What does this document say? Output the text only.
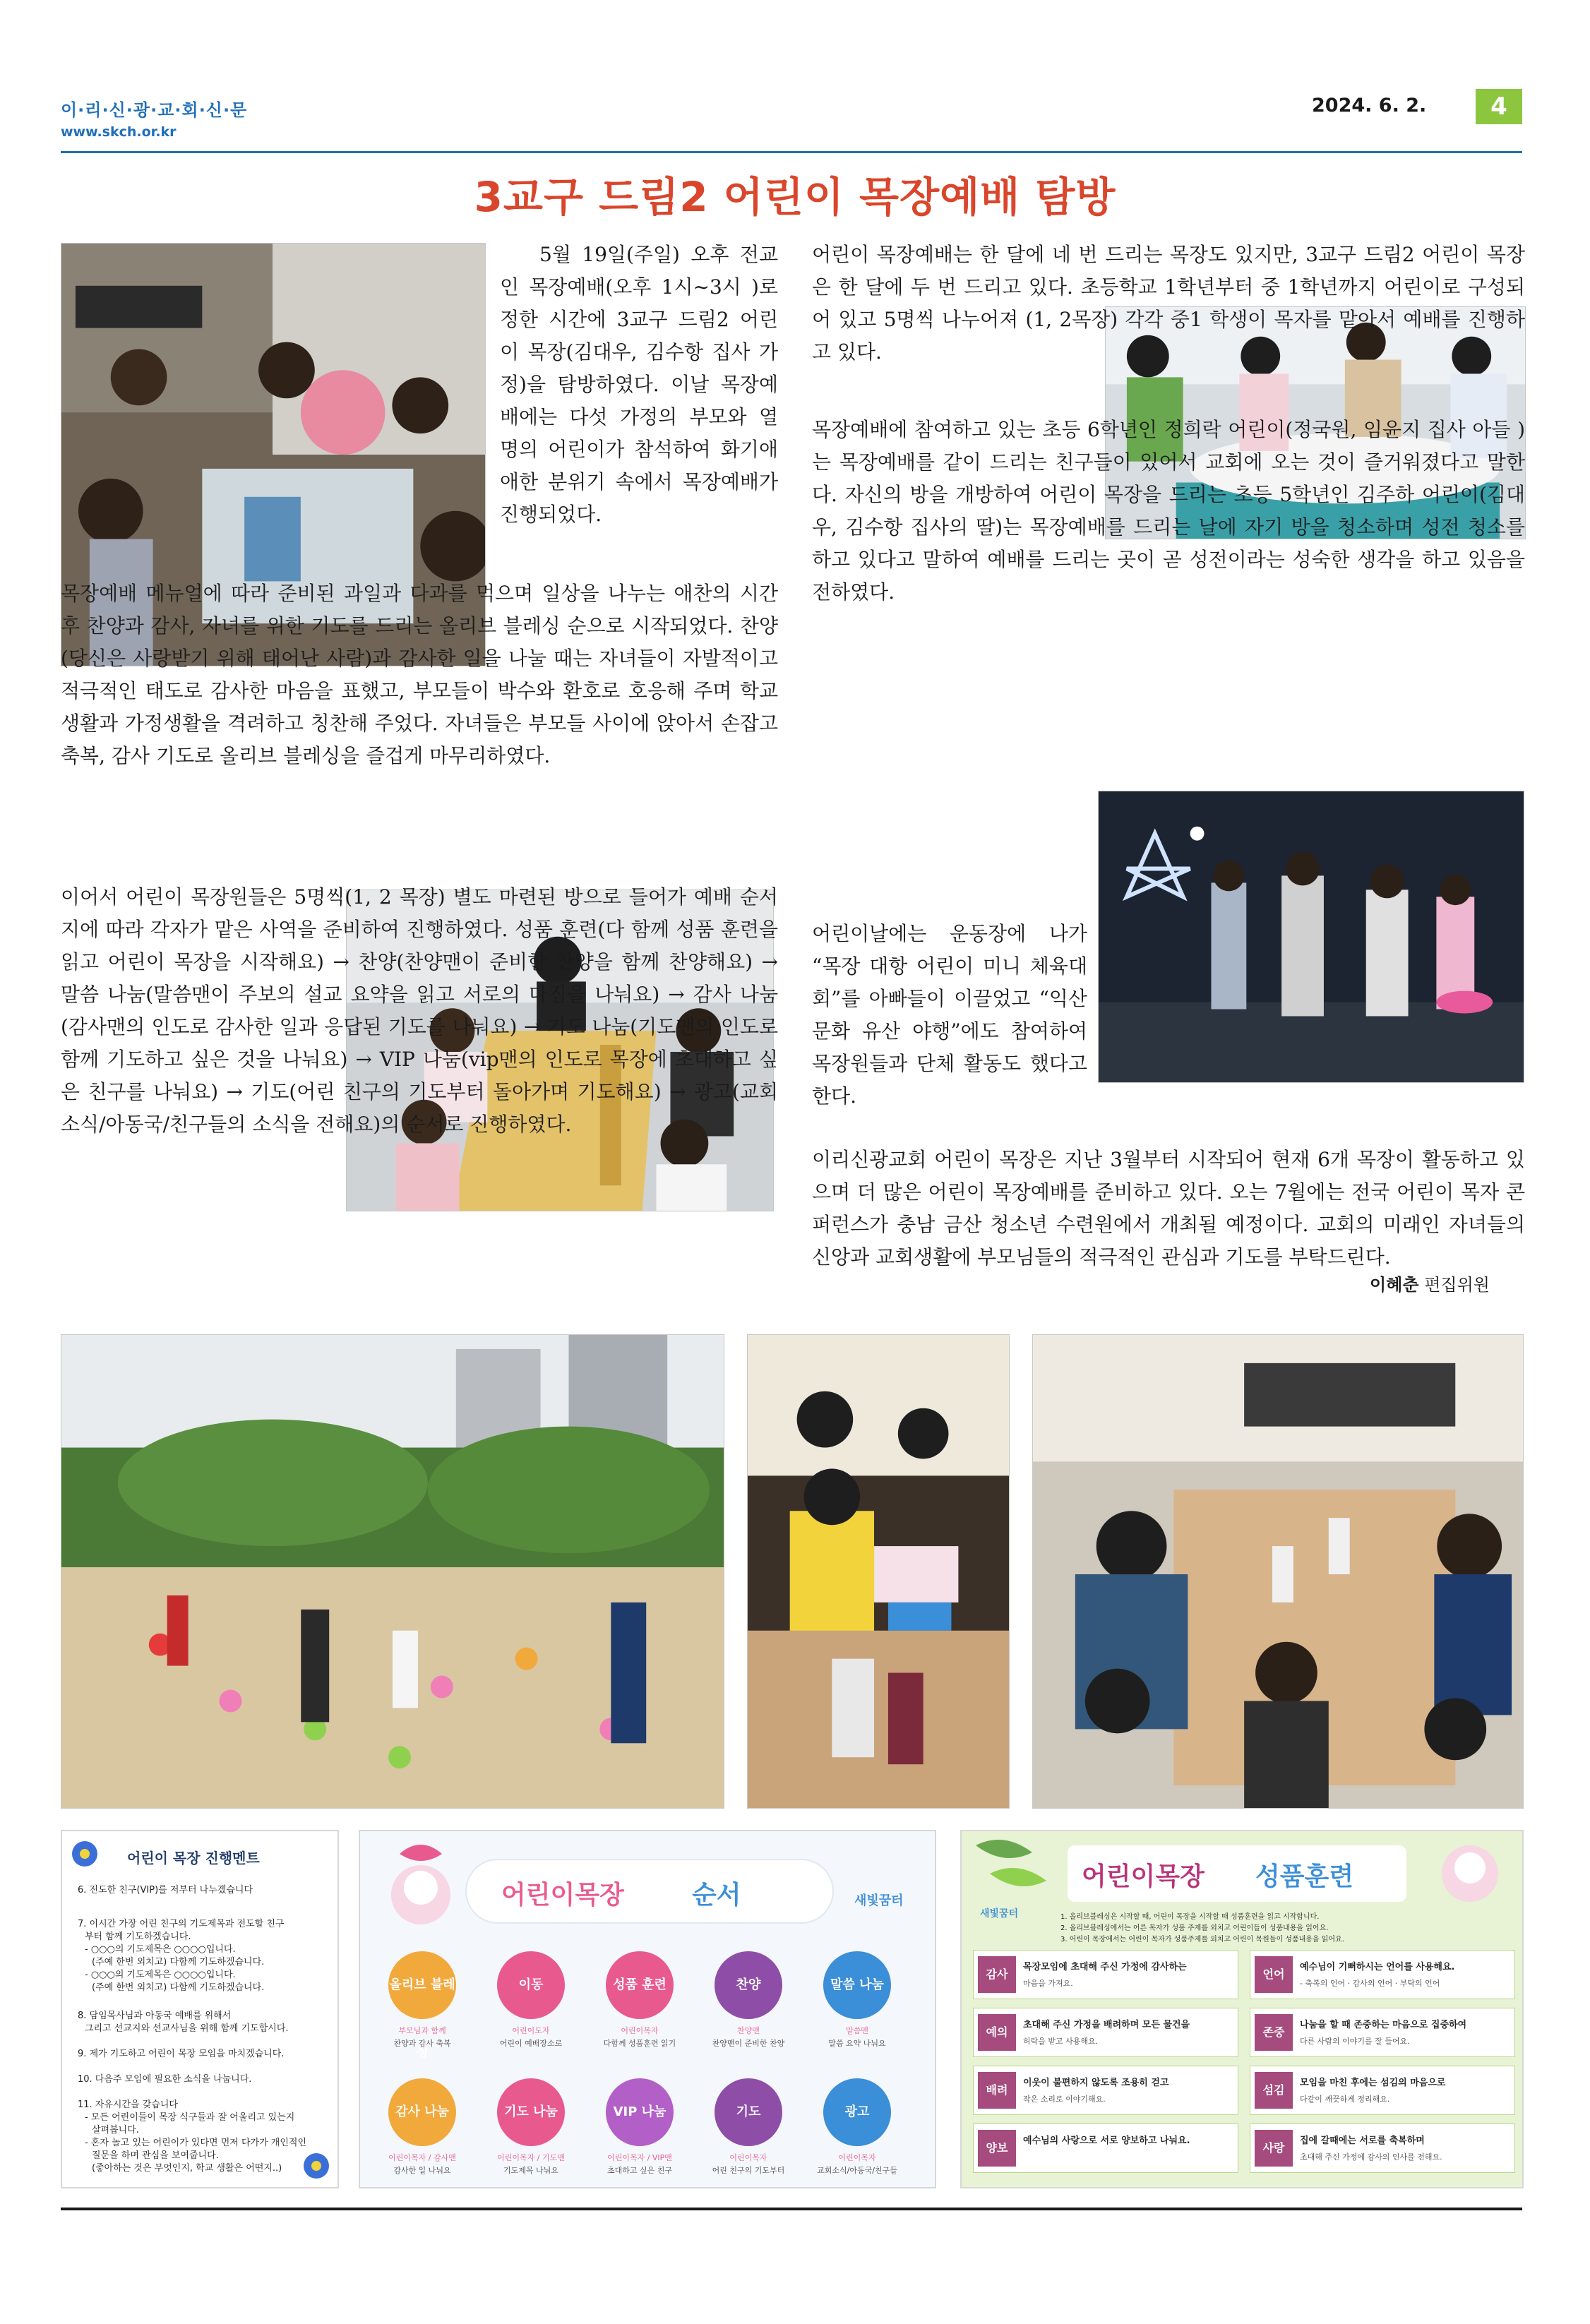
이·리·신·광·교·회·신·문
www.skch.or.kr
2024. 6. 2.	4
3교구 드림2 어린이 목장예배 탐방
5월 19일(주일) 오후 전교인 목장예배(오후 1시~3시 )로 정한 시간에 3교구 드림2 어린이 목장(김대우, 김수항 집사 가정)을 탐방하였다. 이날 목장예배에는 다섯 가정의 부모와 열 명의 어린이가 참석하여 화기애애한 분위기 속에서 목장예배가 진행되었다.
목장예배 메뉴얼에 따라 준비된 과일과 다과를 먹으며 일상을 나누는 애찬의 시간 후 찬양과 감사, 자녀를 위한 기도를 드리는 올리브 블레싱 순으로 시작되었다. 찬양(당신은 사랑받기 위해 태어난 사람)과 감사한 일을 나눌 때는 자녀들이 자발적이고 적극적인 태도로 감사한 마음을 표했고, 부모들이 박수와 환호로 호응해 주며 학교생활과 가정생활을 격려하고 칭찬해 주었다. 자녀들은 부모들 사이에 앉아서 손잡고 축복, 감사 기도로 올리브 블레싱을 즐겁게 마무리하였다.
이어서 어린이 목장원들은 5명씩(1, 2 목장) 별도 마련된 방으로 들어가 예배 순서지에 따라 각자가 맡은 사역을 준비하여 진행하였다. 성품 훈련(다 함께 성품 훈련을 읽고 어린이 목장을 시작해요) → 찬양(찬양맨이 준비한 찬양을 함께 찬양해요) → 말씀 나눔(말씀맨이 주보의 설교 요약을 읽고 서로의 다짐을 나눠요) → 감사 나눔(감사맨의 인도로 감사한 일과 응답된 기도를 나눠요) → 기도 나눔(기도맨의 인도로 함께 기도하고 싶은 것을 나눠요) → VIP 나눔(vip맨의 인도로 목장에 초대하고 싶은 친구를 나눠요) → 기도(어린 친구의 기도부터 돌아가며 기도해요) → 광고(교회소식/아동국/친구들의 소식을 전해요)의 순서로 진행하였다.
어린이 목장예배는 한 달에 네 번 드리는 목장도 있지만, 3교구 드림2 어린이 목장은 한 달에 두 번 드리고 있다. 초등학교 1학년부터 중 1학년까지 어린이로 구성되어 있고 5명씩 나누어져 (1, 2목장) 각각 중1 학생이 목자를 맡아서 예배를 진행하고 있다.
목장예배에 참여하고 있는 초등 6학년인 정희락 어린이(정국원, 임윤지 집사 아들 )는 목장예배를 같이 드리는 친구들이 있어서 교회에 오는 것이 즐거워졌다고 말한다. 자신의 방을 개방하여 어린이 목장을 드리는 초등 5학년인 김주하 어린이(김대우, 김수항 집사의 딸)는 목장예배를 드리는 날에 자기 방을 청소하며 성전 청소를 하고 있다고 말하여 예배를 드리는 곳이 곧 성전이라는 성숙한 생각을 하고 있음을 전하였다.
어린이날에는 운동장에 나가 “목장 대항 어린이 미니 체육대회”를 아빠들이 이끌었고 “익산문화 유산 야행”에도 참여하여 목장원들과 단체 활동도 했다고 한다.
이리신광교회 어린이 목장은 지난 3월부터 시작되어 현재 6개 목장이 활동하고 있으며 더 많은 어린이 목장예배를 준비하고 있다. 오는 7월에는 전국 어린이 목자 콘퍼런스가 충남 금산 청소년 수련원에서 개최될 예정이다. 교회의 미래인 자녀들의 신앙과 교회생활에 부모님들의 적극적인 관심과 기도를 부탁드린다.
이혜춘 편집위원
어린이 목장 진행멘트
6. 전도한 친구(VIP)를 저부터 나누겠습니다
7. 이시간 가장 어린 친구의 기도제목과 전도할 친구
부터 함께 기도하겠습니다.
- ○○○의 기도제목은 ○○○○입니다.
(주예 한번 외치고) 다함께 기도하겠습니다.
- ○○○의 기도제목은 ○○○○입니다.
(주예 한번 외치고) 다함께 기도하겠습니다.
8. 담임목사님과 아동국 예배를 위해서
그리고 선교지와 선교사님을 위해 함께 기도합시다.
9. 제가 기도하고 어린이 목장 모임을 마치겠습니다.
10. 다음주 모임에 필요한 소식을 나눕니다.
11. 자유시간을 갖습니다
- 모든 어린이들이 목장 식구들과 잘 어울리고 있는지
살펴봅니다.
- 혼자 놀고 있는 어린이가 있다면 먼저 다가가 개인적인
질문을 하며 관심을 보여줍니다.
(좋아하는 것은 무엇인지, 학교 생활은 어떤지..)
어린이목장	순서	새빛꿈터
올리브 블레싱
부모님과 함께
찬양과 감사 축복
이동
어린이도자
어린이 예배장소로
성품 훈련
어린이목자
다함께 성품훈련 읽기
찬양
찬양맨
찬양맨이 준비한 찬양
말씀 나눔
말씀맨
말씀 요약 나눠요
감사 나눔
어린이목자 / 감사맨
감사한 일 나눠요
기도 나눔
어린이목자 / 기도맨
기도제목 나눠요
VIP 나눔
어린이목자 / VIP맨
초대하고 싶은 친구
기도
어린이목자
어린 친구의 기도부터
광고
어린이목자
교회소식/아동국/친구들
새빛꿈터
어린이목장 성품훈련
1. 올리브블레싱은 시작할 때, 어린이 목장을 시작할 때 성품훈련을 읽고 시작합니다.
2. 올리브블레싱에서는 어른 목자가 성품 주제를 외치고 어린이들이 성품내용을 읽어요.
3. 어린이 목장에서는 어린이 목자가 성품주제를 외치고 어린이 목원들이 성품내용을 읽어요.
감사
목장모임에 초대해 주신 가정에 감사하는
마음을 가져요.
언어
예수님이 기뻐하시는 언어를 사용해요.
- 축복의 언어 · 감사의 언어 · 부탁의 언어
예의
초대해 주신 가정을 배려하며 모든 물건을
허락을 받고 사용해요.
존중
나눔을 할 때 존중하는 마음으로 집중하여
다른 사람의 이야기를 잘 들어요.
배려
이웃이 불편하지 않도록 조용히 걷고
작은 소리로 이야기해요.
섬김
모임을 마친 후에는 섬김의 마음으로
다같이 깨끗하게 정리해요.
양보
예수님의 사랑으로 서로 양보하고 나눠요.
사랑
집에 갈때에는 서로를 축복하며
초대해 주신 가정에 감사의 인사를 전해요.
